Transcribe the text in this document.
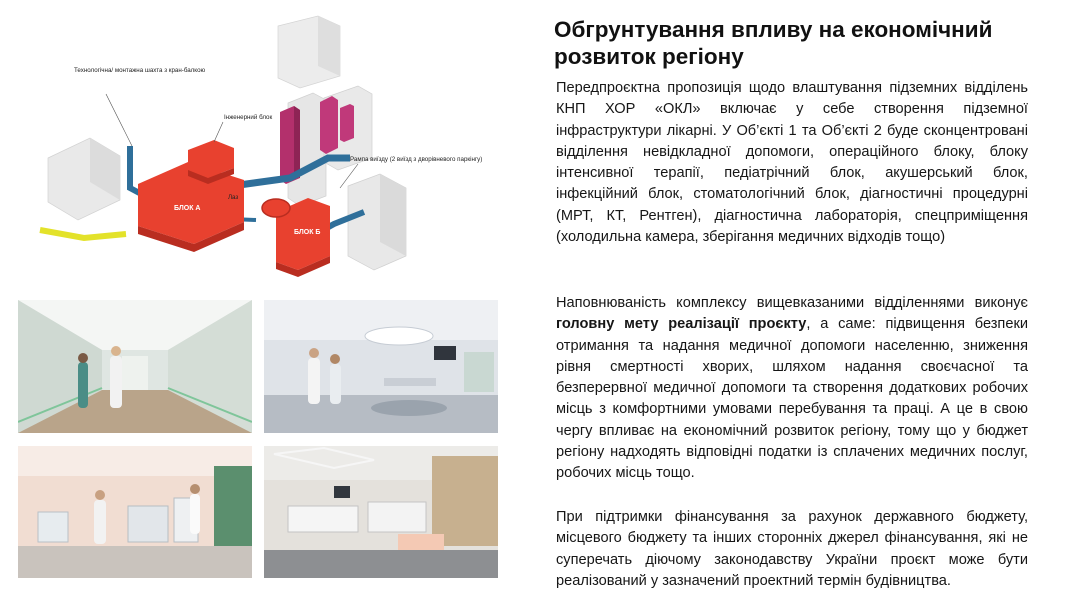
Технологічна/ монтажна шахта з кран-балкою
Інженерний блок
Рампа виїзду (2 виїзд з дворівневого паркінгу)
Лаз
БЛОК А
БЛОК Б
Обгрунтування впливу на економічний розвиток регіону
Передпроєктна пропозиція щодо влаштування підземних відділень КНП ХОР «ОКЛ» включає у себе створення підземної інфраструктури лікарні. У Об’єкті 1 та Об’єкті 2 буде сконцентровані відділення невідкладної допомоги, операційного блоку, блоку інтенсивної терапії, педіатрічний блок, акушерський блок, інфекційний блок, стоматологічний блок, діагностичні процедурні (МРТ, КТ, Рентген), діагностична лабораторія, спецприміщення (холодильна камера, зберігання медичних відходів тощо)
Наповнюваність комплексу вищевказаними відділеннями виконує головну мету реалізації проєкту, а саме: підвищення безпеки отримання та надання медичної допомоги населенню, зниження рівня смертності хворих, шляхом надання своєчасної та безперервної медичної допомоги та створення додаткових робочих місць з комфортними умовами перебування та праці. А це в свою чергу впливає на економічний розвиток регіону, тому що у бюджет регіону надходять відповідні податки із сплачених медичних послуг, робочих місць тощо.
При підтримки фінансування за рахунок державного бюджету, місцевого бюджету та інших сторонніх джерел фінансування, які не суперечать діючому законодавству України проєкт може бути реалізований у зазначений проектний термін будівництва.
